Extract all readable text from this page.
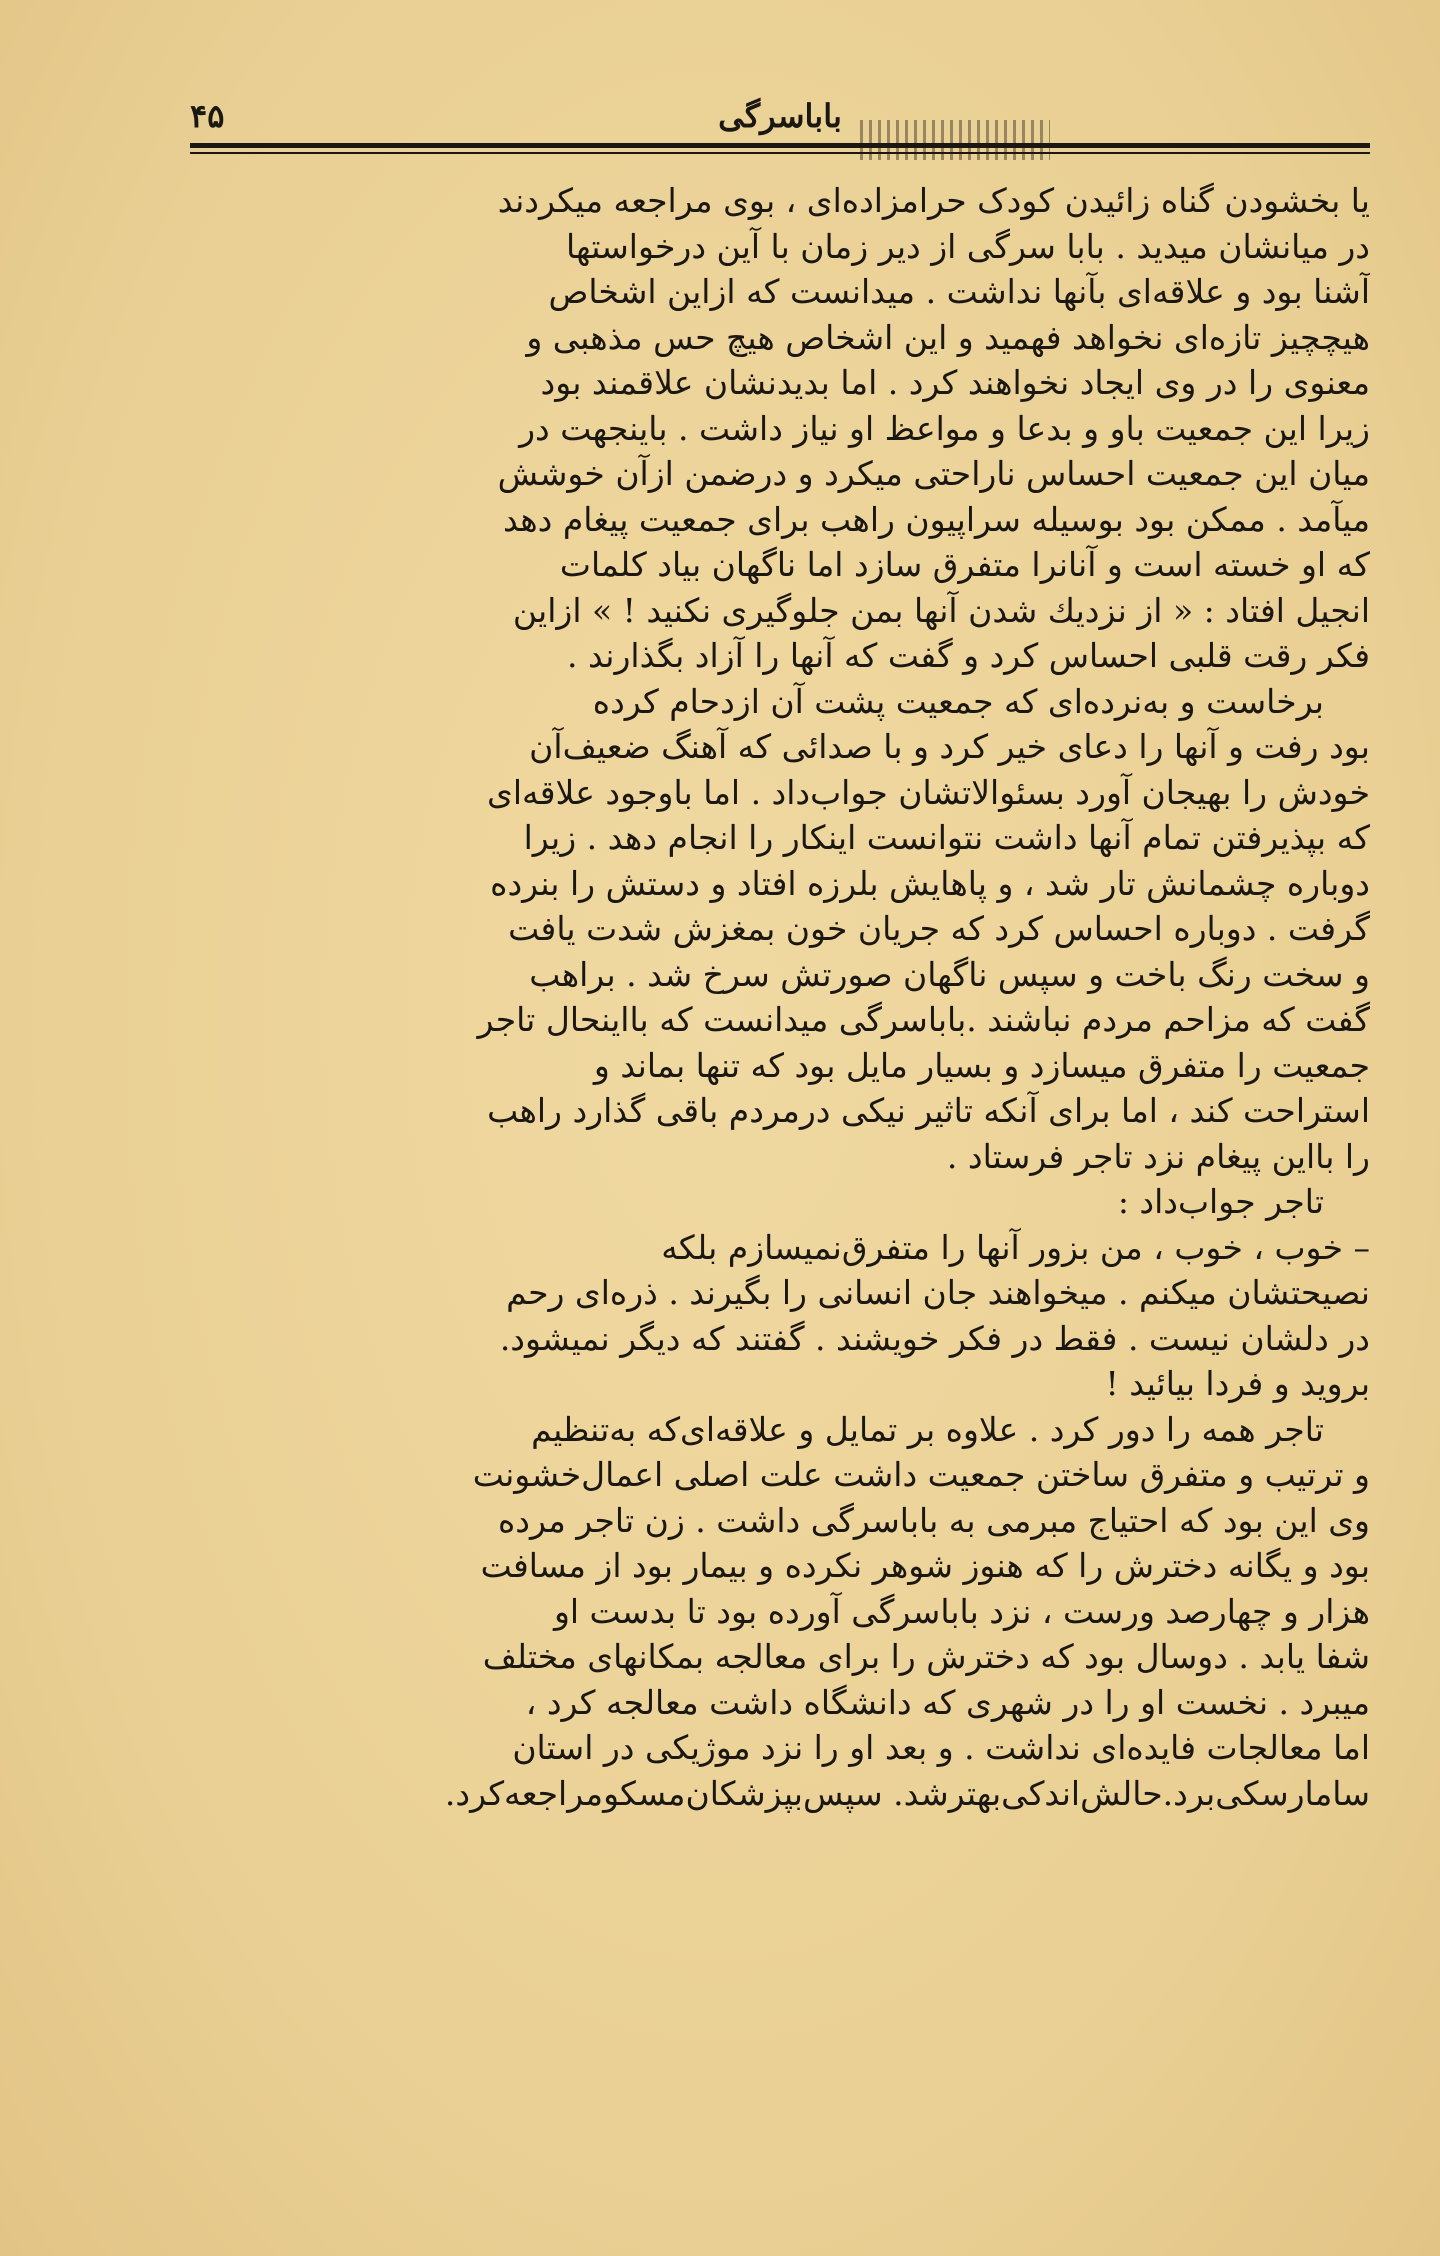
باباسرگی
۴۵
یا بخشودن گناه زائیدن کودک حرامزاده‌ای ، بوی مراجعه میکردند
در میانشان میدید . بابا سرگی از دیر زمان با آین درخواستها
آشنا بود و علاقه‌ای بآنها نداشت . میدانست که ازاین اشخاص
هیچچیز تازه‌ای نخواهد فهمید و این اشخاص هیچ حس مذهبی و
معنوی را در وی ایجاد نخواهند کرد . اما بدیدنشان علاقمند بود
زیرا این جمعیت باو و بدعا و مواعظ او نیاز داشت . باینجهت در
میان این جمعیت احساس ناراحتی میکرد و درضمن ازآن خوشش
میآمد . ممکن بود بوسیله سراپیون راهب برای جمعیت پیغام دهد
که او خسته است و آنانرا متفرق سازد اما ناگهان بیاد کلمات
انجیل افتاد : « از نزدیك شدن آنها بمن جلوگیری نکنید ! » ازاین
فکر رقت قلبی احساس کرد و گفت که آنها را آزاد بگذارند .
برخاست و به‌نرده‌ای که جمعیت پشت آن ازدحام کرده
بود رفت و آنها را دعای خیر کرد و با صدائی که آهنگ ضعیف‌آن
خودش را بهیجان آورد بسئوالاتشان جواب‌داد . اما باوجود علاقه‌ای
که بپذیرفتن تمام آنها داشت نتوانست اینکار را انجام دهد . زیرا
دوباره چشمانش تار شد ، و پاهایش بلرزه افتاد و دستش را بنرده
گرفت . دوباره احساس کرد که جریان خون بمغزش شدت یافت
و سخت رنگ باخت و سپس ناگهان صورتش سرخ شد . براهب
گفت که مزاحم مردم نباشند .باباسرگی میدانست که بااینحال تاجر
جمعیت را متفرق میسازد و بسیار مایل بود که تنها بماند و
استراحت کند ، اما برای آنکه تاثیر نیکی درمردم باقی گذارد راهب
را بااین پیغام نزد تاجر فرستاد .
تاجر جواب‌داد :
– خوب ، خوب ، من بزور آنها را متفرق‌نمیسازم بلکه
نصیحتشان میکنم . میخواهند جان انسانی را بگیرند . ذره‌ای رحم
در دلشان نیست . فقط در فکر خویشند . گفتند که دیگر نمیشود.
بروید و فردا بیائید !
تاجر همه را دور کرد . علاوه بر تمایل و علاقه‌ای‌که به‌تنظیم
و ترتیب و متفرق ساختن جمعیت داشت علت اصلی اعمال‌خشونت
وی این بود که احتیاج مبرمی به باباسرگی داشت . زن تاجر مرده
بود و یگانه دخترش را که هنوز شوهر نکرده و بیمار بود از مسافت
هزار و چهارصد ورست ، نزد باباسرگی آورده بود تا بدست او
شفا یابد . دوسال بود که دخترش را برای معالجه بمکانهای مختلف
میبرد . نخست او را در شهری که دانشگاه داشت معالجه کرد ،
اما معالجات فایده‌ای نداشت . و بعد او را نزد موژیکی در استان
سامارسکی‌برد.حالش‌اندکی‌بهترشد. سپس‌بپزشکان‌مسکومراجعه‌کرد.
